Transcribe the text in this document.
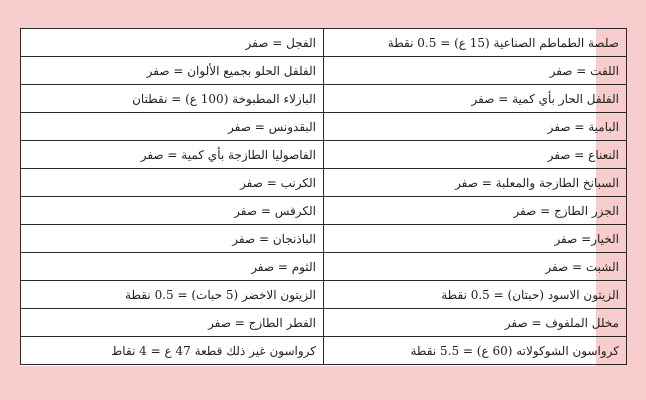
صلصة الطماطم الصناعية (15 ع) = 0.5 نقطة	الفجل = صفر
اللفت = صفر	الفلفل الحلو بجميع الألوان = صفر
الفلفل الحار بأي كمية = صفر	البازلاء المطبوخة (100 ع) = نقطتان
البامية = صفر	البقدونس = صفر
النعناع = صفر	الفاصوليا الطازجة بأي كمية = صفر
السبانخ الطازجة والمعلبة = صفر	الكرنب = صفر
الجزر الطازج = صفر	الكرفس = صفر
الخيار= صفر	الباذنجان = صفر
الشبت = صفر	الثوم = صفر
الزيتون الاسود (حبتان) = 0.5 نقطة	الزيتون الاخضر (5 حبات) = 0.5 نقطة
مخلل الملفوف = صفر	الفطر الطازج = صفر
كرواسون الشوكولاته (60 ع) = 5.5 نقطة	كرواسون غير ذلك قطعة 47 ع = 4 نقاط
